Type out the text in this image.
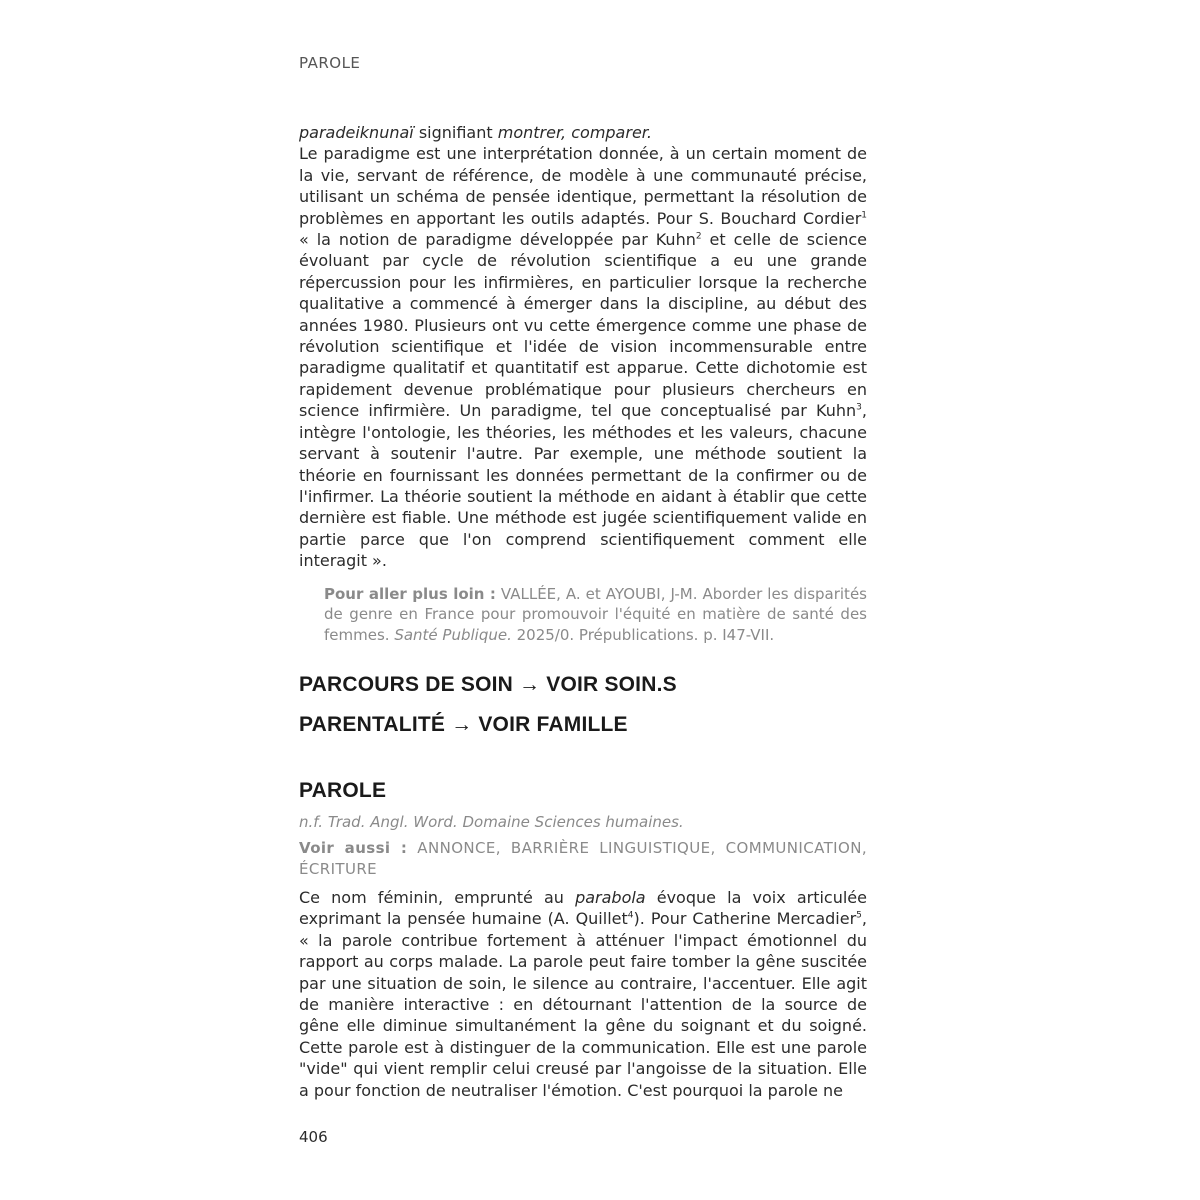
PAROLE

paradeiknunaï signifiant montrer, comparer.

Le paradigme est une interprétation donnée, à un certain moment de la vie, servant de référence, de modèle à une communauté précise, utilisant un schéma de pensée identique, permettant la résolution de problèmes en apportant les outils adaptés. Pour S. Bouchard Cordier$^1$ « la notion de paradigme développée par Kuhn$^2$ et celle de science évoluant par cycle de révolution scientifique a eu une grande répercussion pour les infirmières, en particulier lorsque la recherche qualitative a commencé à émerger dans la discipline, au début des années 1980. Plusieurs ont vu cette émergence comme une phase de révolution scientifique et l'idée de vision incommensurable entre paradigme qualitatif et quantitatif est apparue. Cette dichotomie est rapidement devenue problématique pour plusieurs chercheurs en science infirmière. Un paradigme, tel que conceptualisé par Kuhn$^3$, intègre l'ontologie, les théories, les méthodes et les valeurs, chacune servant à soutenir l'autre. Par exemple, une méthode soutient la théorie en fournissant les données permettant de la confirmer ou de l'infirmer. La théorie soutient la méthode en aidant à établir que cette dernière est fiable. Une méthode est jugée scientifiquement valide en partie parce que l'on comprend scientifiquement comment elle interagit ».

Pour aller plus loin : VALLÉE, A. et AYOUBI, J-M. Aborder les disparités de genre en France pour promouvoir l'équité en matière de santé des femmes. Santé Publique. 2025/0. Prépublications. p. I47-VII.
PARCOURS DE SOIN → VOIR SOIN.S
PARENTALITÉ → VOIR FAMILLE
PAROLE

n.f. Trad. Angl. Word. Domaine Sciences humaines.

Voir aussi : ANNONCE, BARRIÈRE LINGUISTIQUE, COMMUNICATION, ÉCRITURE

Ce nom féminin, emprunté au parabola évoque la voix articulée exprimant la pensée humaine (A. Quillet$^4$). Pour Catherine Mercadier$^5$, « la parole contribue fortement à atténuer l'impact émotionnel du rapport au corps malade. La parole peut faire tomber la gêne suscitée par une situation de soin, le silence au contraire, l'accentuer. Elle agit de manière interactive : en détournant l'attention de la source de gêne elle diminue simultanément la gêne du soignant et du soigné. Cette parole est à distinguer de la communication. Elle est une parole "vide" qui vient remplir celui creusé par l'angoisse de la situation. Elle a pour fonction de neutraliser l'émotion. C'est pourquoi la parole ne

406
